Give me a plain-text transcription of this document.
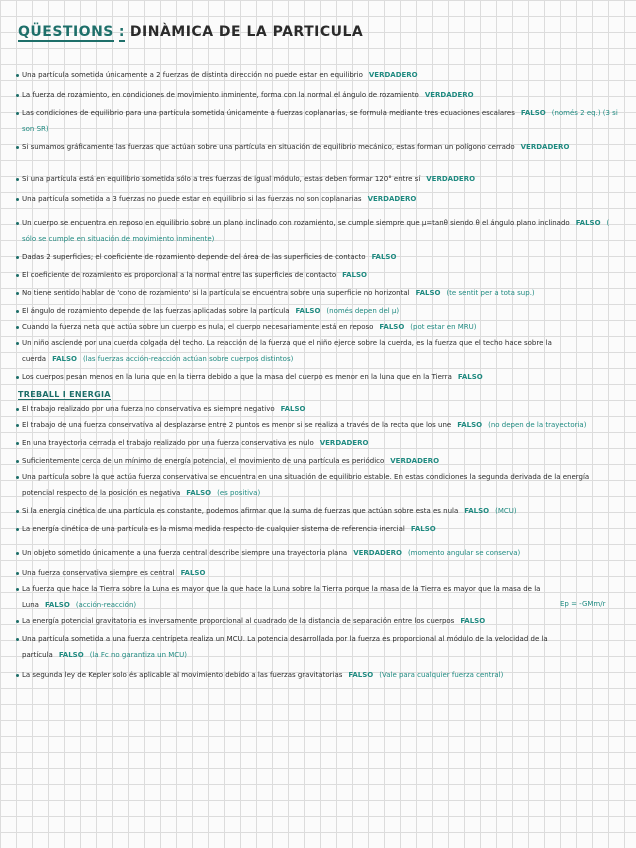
QÜESTIONS : DINÀMICA DE LA PARTICULA
Una partícula sometida únicamente a 2 fuerzas de distinta dirección no puede estar en equilibrio VERDADERO
La fuerza de rozamiento, en condiciones de movimiento inminente, forma con la normal el ángulo de rozamiento VERDADERO
Las condiciones de equilibrio para una partícula sometida únicamente a fuerzas coplanarias, se formula mediante tres ecuaciones escalares FALSO (només 2 eq.) (3 si son SR)
Si sumamos gráficamente las fuerzas que actúan sobre una partícula en situación de equilibrio mecánico, estas forman un polígono cerrado VERDADERO
Si una partícula está en equilibrio sometida sólo a tres fuerzas de igual módulo, estas deben formar 120° entre sí VERDADERO
Una partícula sometida a 3 fuerzas no puede estar en equilibrio si las fuerzas no son coplanarias VERDADERO
Un cuerpo se encuentra en reposo en equilibrio sobre un plano inclinado con rozamiento, se cumple siempre que μ=tanθ siendo θ el ángulo plano inclinado FALSO ( sólo se cumple en situación de movimiento inminente)
Dadas 2 superficies; el coeficiente de rozamiento depende del área de las superficies de contacto FALSO
El coeficiente de rozamiento es proporcional a la normal entre las superficies de contacto FALSO
No tiene sentido hablar de 'cono de rozamiento' si la partícula se encuentra sobre una superficie no horizontal FALSO (te sentit per a tota sup.)
El ángulo de rozamiento depende de las fuerzas aplicadas sobre la partícula FALSO (només depen del μ)
Cuando la fuerza neta que actúa sobre un cuerpo es nula, el cuerpo necesariamente está en reposo FALSO (pot estar en MRU)
Un niño asciende por una cuerda colgada del techo. La reacción de la fuerza que el niño ejerce sobre la cuerda, es la fuerza que el techo hace sobre la cuerda FALSO (las fuerzas acción-reacción actúan sobre cuerpos distintos)
Los cuerpos pesan menos en la luna que en la tierra debido a que la masa del cuerpo es menor en la luna que en la Tierra FALSO
TREBALL I ENERGIA
El trabajo realizado por una fuerza no conservativa es siempre negativo FALSO
El trabajo de una fuerza conservativa al desplazarse entre 2 puntos es menor si se realiza a través de la recta que los une FALSO (no depen de la trayectoria)
En una trayectoria cerrada el trabajo realizado por una fuerza conservativa es nulo VERDADERO
Suficientemente cerca de un mínimo de energía potencial, el movimiento de una partícula es periódico VERDADERO
Una partícula sobre la que actúa fuerza conservativa se encuentra en una situación de equilibrio estable. En estas condiciones la segunda derivada de la energía potencial respecto de la posición es negativa FALSO (es positiva)
Si la energía cinética de una partícula es constante, podemos afirmar que la suma de fuerzas que actúan sobre esta es nula FALSO (MCU)
La energía cinética de una partícula es la misma medida respecto de cualquier sistema de referencia inercial FALSO
Un objeto sometido únicamente a una fuerza central describe siempre una trayectoria plana VERDADERO (momento angular se conserva)
Una fuerza conservativa siempre es central FALSO
La fuerza que hace la Tierra sobre la Luna es mayor que la que hace la Luna sobre la Tierra porque la masa de la Tierra es mayor que la masa de la Luna FALSO (acción-reacción)
La energía potencial gravitatoria es inversamente proporcional al cuadrado de la distancia de separación entre los cuerpos FALSO
Una partícula sometida a una fuerza centrípeta realiza un MCU. La potencia desarrollada por la fuerza es proporcional al módulo de la velocidad de la partícula FALSO (la Fc no garantiza un MCU)
La segunda ley de Kepler solo és aplicable al movimiento debido a las fuerzas gravitatorias FALSO (Vale para cualquier fuerza central)
Ep = -GMm/r
